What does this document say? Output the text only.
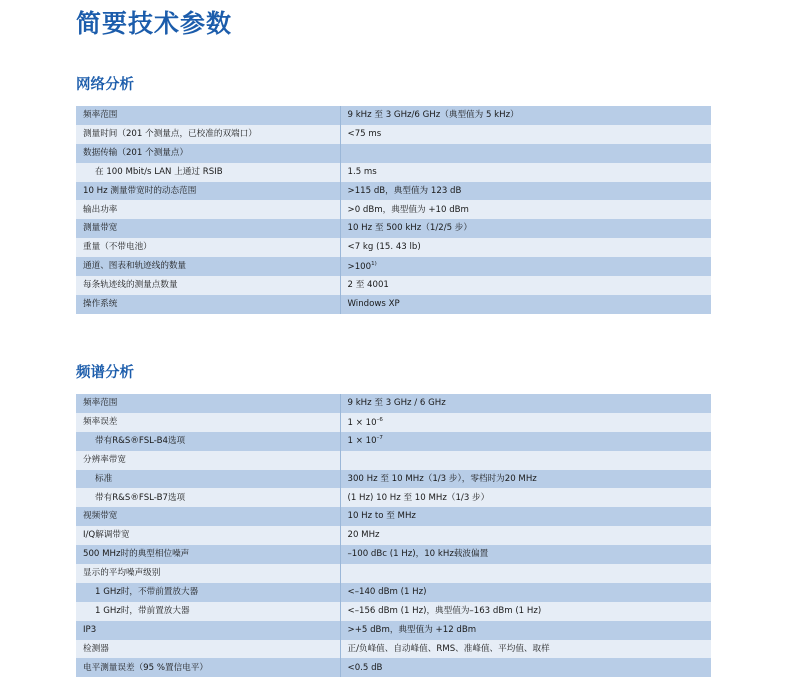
简要技术参数
网络分析
频率范围	9 kHz 至 3 GHz/6 GHz（典型值为 5 kHz）
测量时间（201 个测量点，已校准的双端口）	<75 ms
数据传输（201 个测量点）	
在 100 Mbit/s LAN 上通过 RSIB	1.5 ms
10 Hz 测量带宽时的动态范围	>115 dB，典型值为 123 dB
输出功率	>0 dBm，典型值为 +10 dBm
测量带宽	10 Hz 至 500 kHz（1/2/5 步）
重量（不带电池）	<7 kg (15. 43 lb)
通道、图表和轨迹线的数量	$>100^{1)}$
每条轨迹线的测量点数量	2 至 4001
操作系统	Windows XP
频谱分析
频率范围	9 kHz 至 3 GHz / 6 GHz
频率误差	$1 \times 10^{-6}$
带有R&S®FSL-B4选项	$1 \times 10^{-7}$
分辨率带宽	
标准	300 Hz 至 10 MHz（1/3 步），零档时为20 MHz
带有R&S®FSL-B7选项	(1 Hz) 10 Hz 至 10 MHz（1/3 步）
视频带宽	10 Hz to 至 MHz
I/Q解调带宽	20 MHz
500 MHz时的典型相位噪声	–100 dBc (1 Hz)，10 kHz载波偏置
显示的平均噪声级别	
1 GHz时，不带前置放大器	<–140 dBm (1 Hz)
1 GHz时，带前置放大器	<–156 dBm (1 Hz)，典型值为–163 dBm (1 Hz)
IP3	>+5 dBm，典型值为 +12 dBm
检测器	正/负峰值、自动峰值、RMS、准峰值、平均值、取样
电平测量误差（95 %置信电平）	<0.5 dB
